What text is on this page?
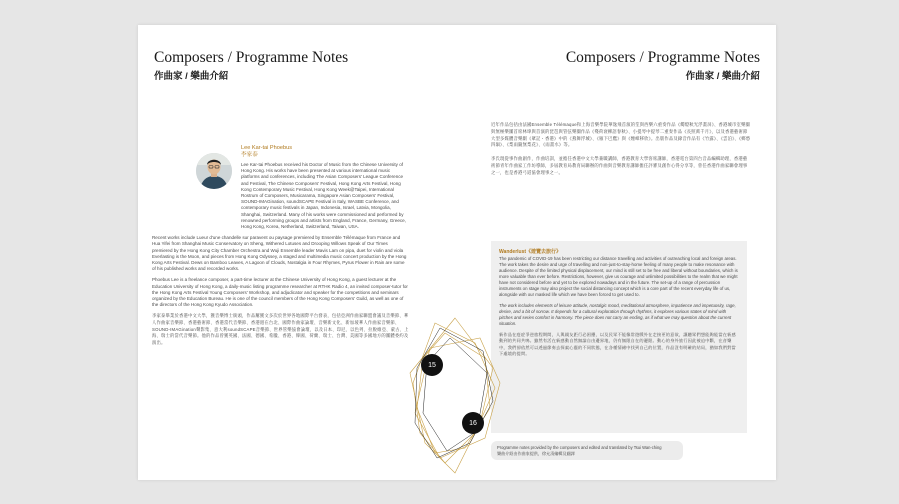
Composers / Programme Notes
作曲家 / 樂曲介紹
Lee Kar-tai Phoebus
李家泰

Lee Kar-tai Phoebus received his Doctor of Music from the Chinese University of Hong Kong. His works have been presented at various international music platforms and conferences, including The Asian Composers' League Conference and Festival, The Chinese Composers' Festival, Hong Kong Arts Festival, Hong Kong Contemporary Music Festival, Hong Kong Week@Taipei, International Rostrum of Composers, Musicarama, Singapore Asian Composers' Festival, SOUND-IMAGination, soundSCAPE Festival in Italy, WASBE Conference, and contemporary music festivals in Japan, Indonesia, Israel, Latvia, Mongolia, Shanghai, Switzerland. Many of his works were commissioned and performed by renowned performing groups and artists from England, France, Germany, Greece, Hong Kong, Korea, Netherland, Switzerland, Taiwan, USA.

Recent works include Lueur d'une chandelle sur paravent ou paysage premiered by Ensemble Télémaque from France and Hua Yifei from Shanghai Music Conservatory on Sheng, Withered Lotuses and Drooping Willows Speak of Our Times premiered by the Hong Kong City Chamber Orchestra and Wuji Ensemble leader Mavis Lam on pipa, duet for violin and viola Everlasting is the Moon, and pieces from Hong Kong Odyssey, a staged and multimedia music concert production by the Hong Kong Arts Festival. Dews on Bamboo Leaves, A Lagoon of Clouds, Nostalgia in Four Rhymes, Pyrus Flower in Rain are some of his published works and recorded works.

Phoebus Lee is a freelance composer, a part-time lecturer at the Chinese University of Hong Kong, a guest lecturer at the Education University of Hong Kong, a daily-music listing programme researcher at RTHK Radio 4, an invited composer-tutor for the Hong Kong Arts Festival Young Composers' Workshop, and adjudicator and speaker for the competitions and seminars organized by the Education Bureau. He is one of the council members of the Hong Kong Composers' Guild, as well as one of the directors of the Hong Kong Kyudo Association.

李家泰畢業於香港中文大學，獲音樂博士銜頭，作品屢獲文多次於世界各地國際平台發表，包括亞洲作曲家聯盟會議及音樂節、華人作曲家音樂節、香港藝術節、香港當代音樂節、香港週在台北、國際作曲家論壇、音樂新文化、新加坡華人作曲家音樂節、SOUND-IMAGination聲影集、意大利soundSCAPE音樂節、世界管樂協會論壇，以及日本、印尼、以色列、拉脫維亞、蒙古、上海、瑞士的當代音樂節。他的作品曾獲英國、法國、德國、希臘、香港、韓國、荷蘭、瑞士、台灣、美國等多國地方的團體委約及演出。

Composers / Programme Notes
作曲家 / 樂曲介紹

近年作品包括由法國Ensemble Télémaque和上海音樂學院華逸飛首演的笙與西樂六重奏作品《燭燈秋光浮畫屏》、香港城市室樂團與無極樂團首席林瑋與首演的琵琶與管弦樂團作品《殘荷衰柳語春秋》、小提琴中提琴二重奏作品《長照萬千月》，以及香港藝術節大型多媒體音樂劇《眾記・香港》中的《燕舞浮城》、《雁下巴鷹》與《煙嶂移欣》。出版作品及錄音作品有《竹露》、《雲泊》、《鄉愁四韻》、《梨雨隨無梨花》、《雨畫水》等。

李氏現從事作曲創作，作曲培訓，並擔任香港中文大學兼職講師，香港教育大學客席講師，香港電台第四台音品編輯助理，香港藝術節青年作曲家工作坊導師，多屆教育局教育局聯辦的作曲與音樂教育講師擔任評審及創作心得分享等，曾任香港作曲家聯會理事之一，也是香港弓道協會理事之一。

Wanderlust《遊覽去旅行》

The pandemic of COVID-19 has been restricting our distance travelling and activities of outreaching local and foreign areas. The work takes the desire and urge of travelling and non-just-to-stay-home feeling of many people to make resonance with audience. Despite of the limited physical displacement, our mind is still set to be free and liberal without boundaries, which is more valuable than ever before. Restrictions, however, give us courage and unlimited possibilities to the realm that we might have not considered before and yet to be explored nowadays and in the future. The set-up of a range of percussion instruments on stage may also project the social distancing concept which is a core part of the recent everyday life of us, alongside with our masked life which we have been forced to get used to.

The work includes elements of leisure attitude, nostalgic mood, meditational atmosphere, impatience and impetuosity, rage, desire, and a bit of sorrow. It depends for a cultural exploration through rhythms, it explores various states of mind with pitches and series comfort in harmony. The piece does not carry an ending, as if what we may question about the current situation.

新作品在疫症爭逆旅程期間，人與親友距行必困擾，以及民眾不能像常遊戲外在走接更的意欲，讓聽眾們想能夠能當在新感動到的共同共鳴。雖然有活在新感動自然無論自由邊界地，仍有無限自在的邊限。動心的身外旅行因此被迫中斷，在音樂中，我們卻依然可以透過節奏去探索心靈的不同狀態，在各種情緒中找到自己的位置，作品沒有明確的結局，猶如我們對當下處境的提問。

Programme notes provided by the composers and edited and translated by Tsui Wan-ching
樂曲介紹由作曲家提供，徐允清編輯及翻譯
15
16
